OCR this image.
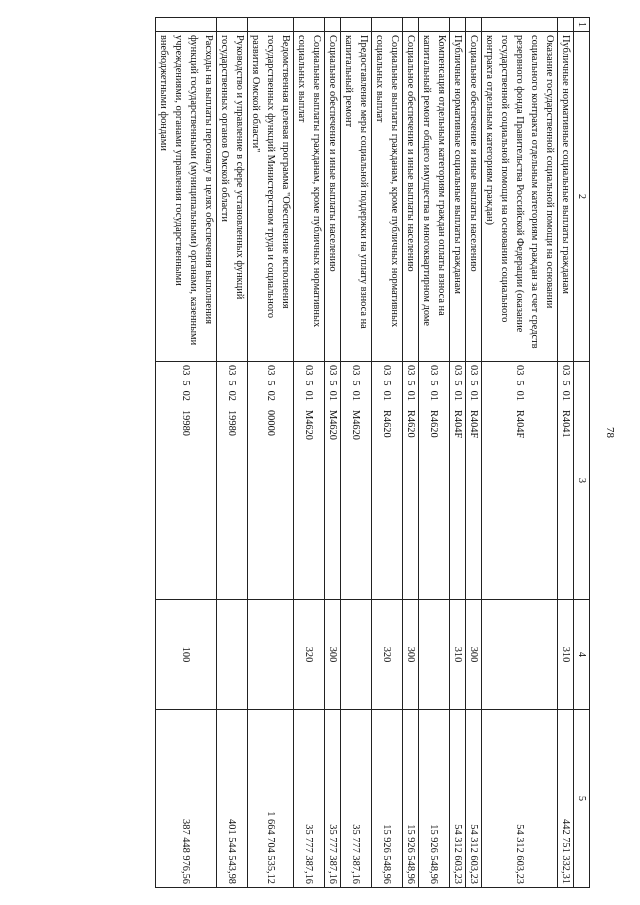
78
1	2	3	4	5
	Публичные нормативные социальные выплаты гражданам	03501R4041	310	442 751 332,31
	Оказание государственной социальной помощи на основании социального контракта отдельным категориям граждан за счет средств резервного фонда Правительства Российской Федерации (оказание государственной социальной помощи на основании социального контракта отдельным категориям граждан)	03501R404F		54 312 603,23
	Социальное обеспечение и иные выплаты населению	03501R404F	300	54 312 603,23
	Публичные нормативные социальные выплаты гражданам	03501R404F	310	54 312 603,23
	Компенсация отдельным категориям граждан оплаты взноса на капитальный ремонт общего имущества в многоквартирном доме	03501R4620		15 926 548,96
	Социальное обеспечение и иные выплаты населению	03501R4620	300	15 926 548,96
	Социальные выплаты гражданам, кроме публичных нормативных социальных выплат	03501R4620	320	15 926 548,96
	Предоставление меры социальной поддержки на уплату взноса на капитальный ремонт	03501M4620		35 777 387,16
	Социальное обеспечение и иные выплаты населению	03501M4620	300	35 777 387,16
	Социальные выплаты гражданам, кроме публичных нормативных социальных выплат	03501M4620	320	35 777 387,16
	Ведомственная целевая программа "Обеспечение исполнения государственных функций Министерством труда и социального развития Омской области"	0350200000		1 664 704 535,12
	Руководство и управление в сфере установленных функций государственных органов Омской области	0350219980		401 544 543,98
	Расходы на выплаты персоналу в целях обеспечения выполнения функций государственными (муниципальными) органами, казенными учреждениями, органами управления государственными внебюджетными фондами	0350219980	100	387 448 976,56
